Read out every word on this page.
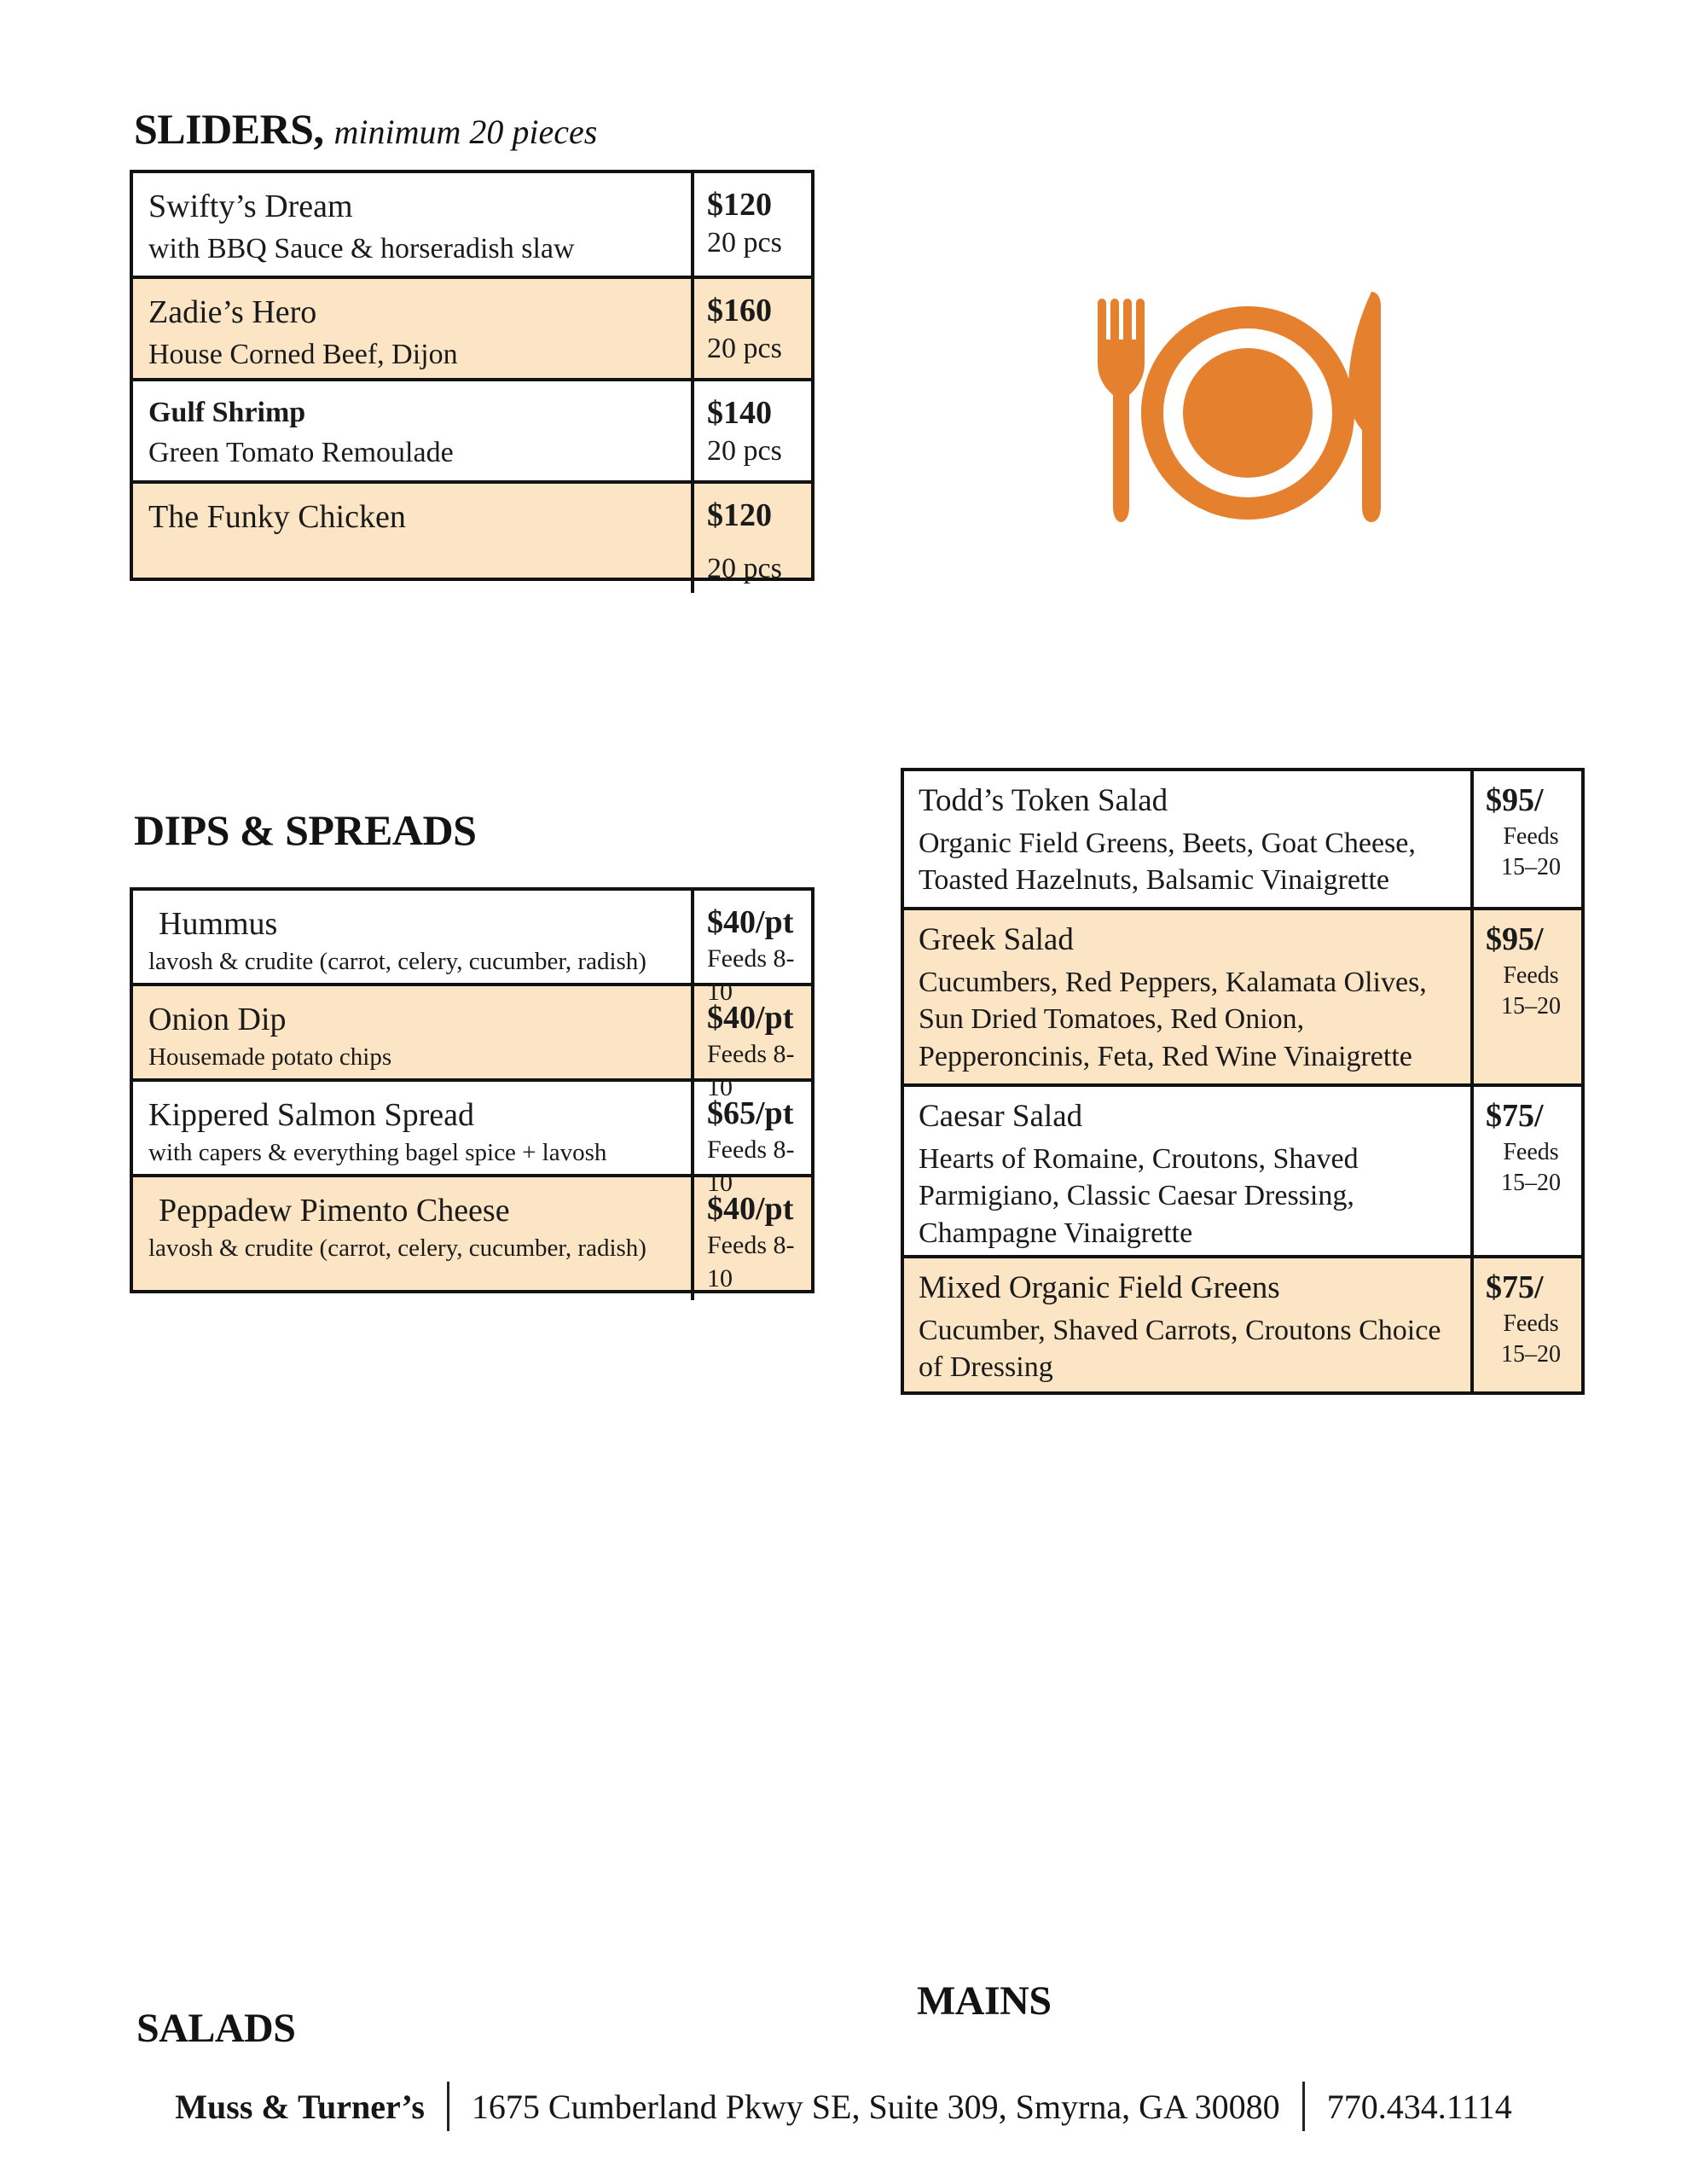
SLIDERS, minimum 20 pieces
Swifty’s Dream
with BBQ Sauce & horseradish slaw
$120
20 pcs
Zadie’s Hero
House Corned Beef, Dijon
$160
20 pcs
Gulf Shrimp
Green Tomato Remoulade
$140
20 pcs
The Funky Chicken	$120
20 pcs
DIPS & SPREADS
Hummus
lavosh & crudite (carrot, celery, cucumber, radish)
$40/pt
Feeds 8-10
Onion Dip
Housemade potato chips
$40/pt
Feeds 8-10
Kippered Salmon Spread
with capers & everything bagel spice + lavosh
$65/pt
Feeds 8-10
Peppadew Pimento Cheese
lavosh & crudite (carrot, celery, cucumber, radish)
$40/pt
Feeds 8-10
Todd’s Token Salad
Organic Field Greens, Beets, Goat Cheese, Toasted Hazelnuts, Balsamic Vinaigrette
$95/
Feeds
15–20
Greek Salad
Cucumbers, Red Peppers, Kalamata Olives, Sun Dried Tomatoes, Red Onion, Pepperoncinis, Feta, Red Wine Vinaigrette
$95/
Feeds
15–20
Caesar Salad
Hearts of Romaine, Croutons, Shaved Parmigiano, Classic Caesar Dressing, Champagne Vinaigrette
$75/
Feeds
15–20
Mixed Organic Field Greens
Cucumber, Shaved Carrots, Croutons Choice of Dressing
$75/
Feeds
15–20
SALADS
MAINS
Muss & Turner’s 1675 Cumberland Pkwy SE, Suite 309, Smyrna, GA 30080 770.434.1114
